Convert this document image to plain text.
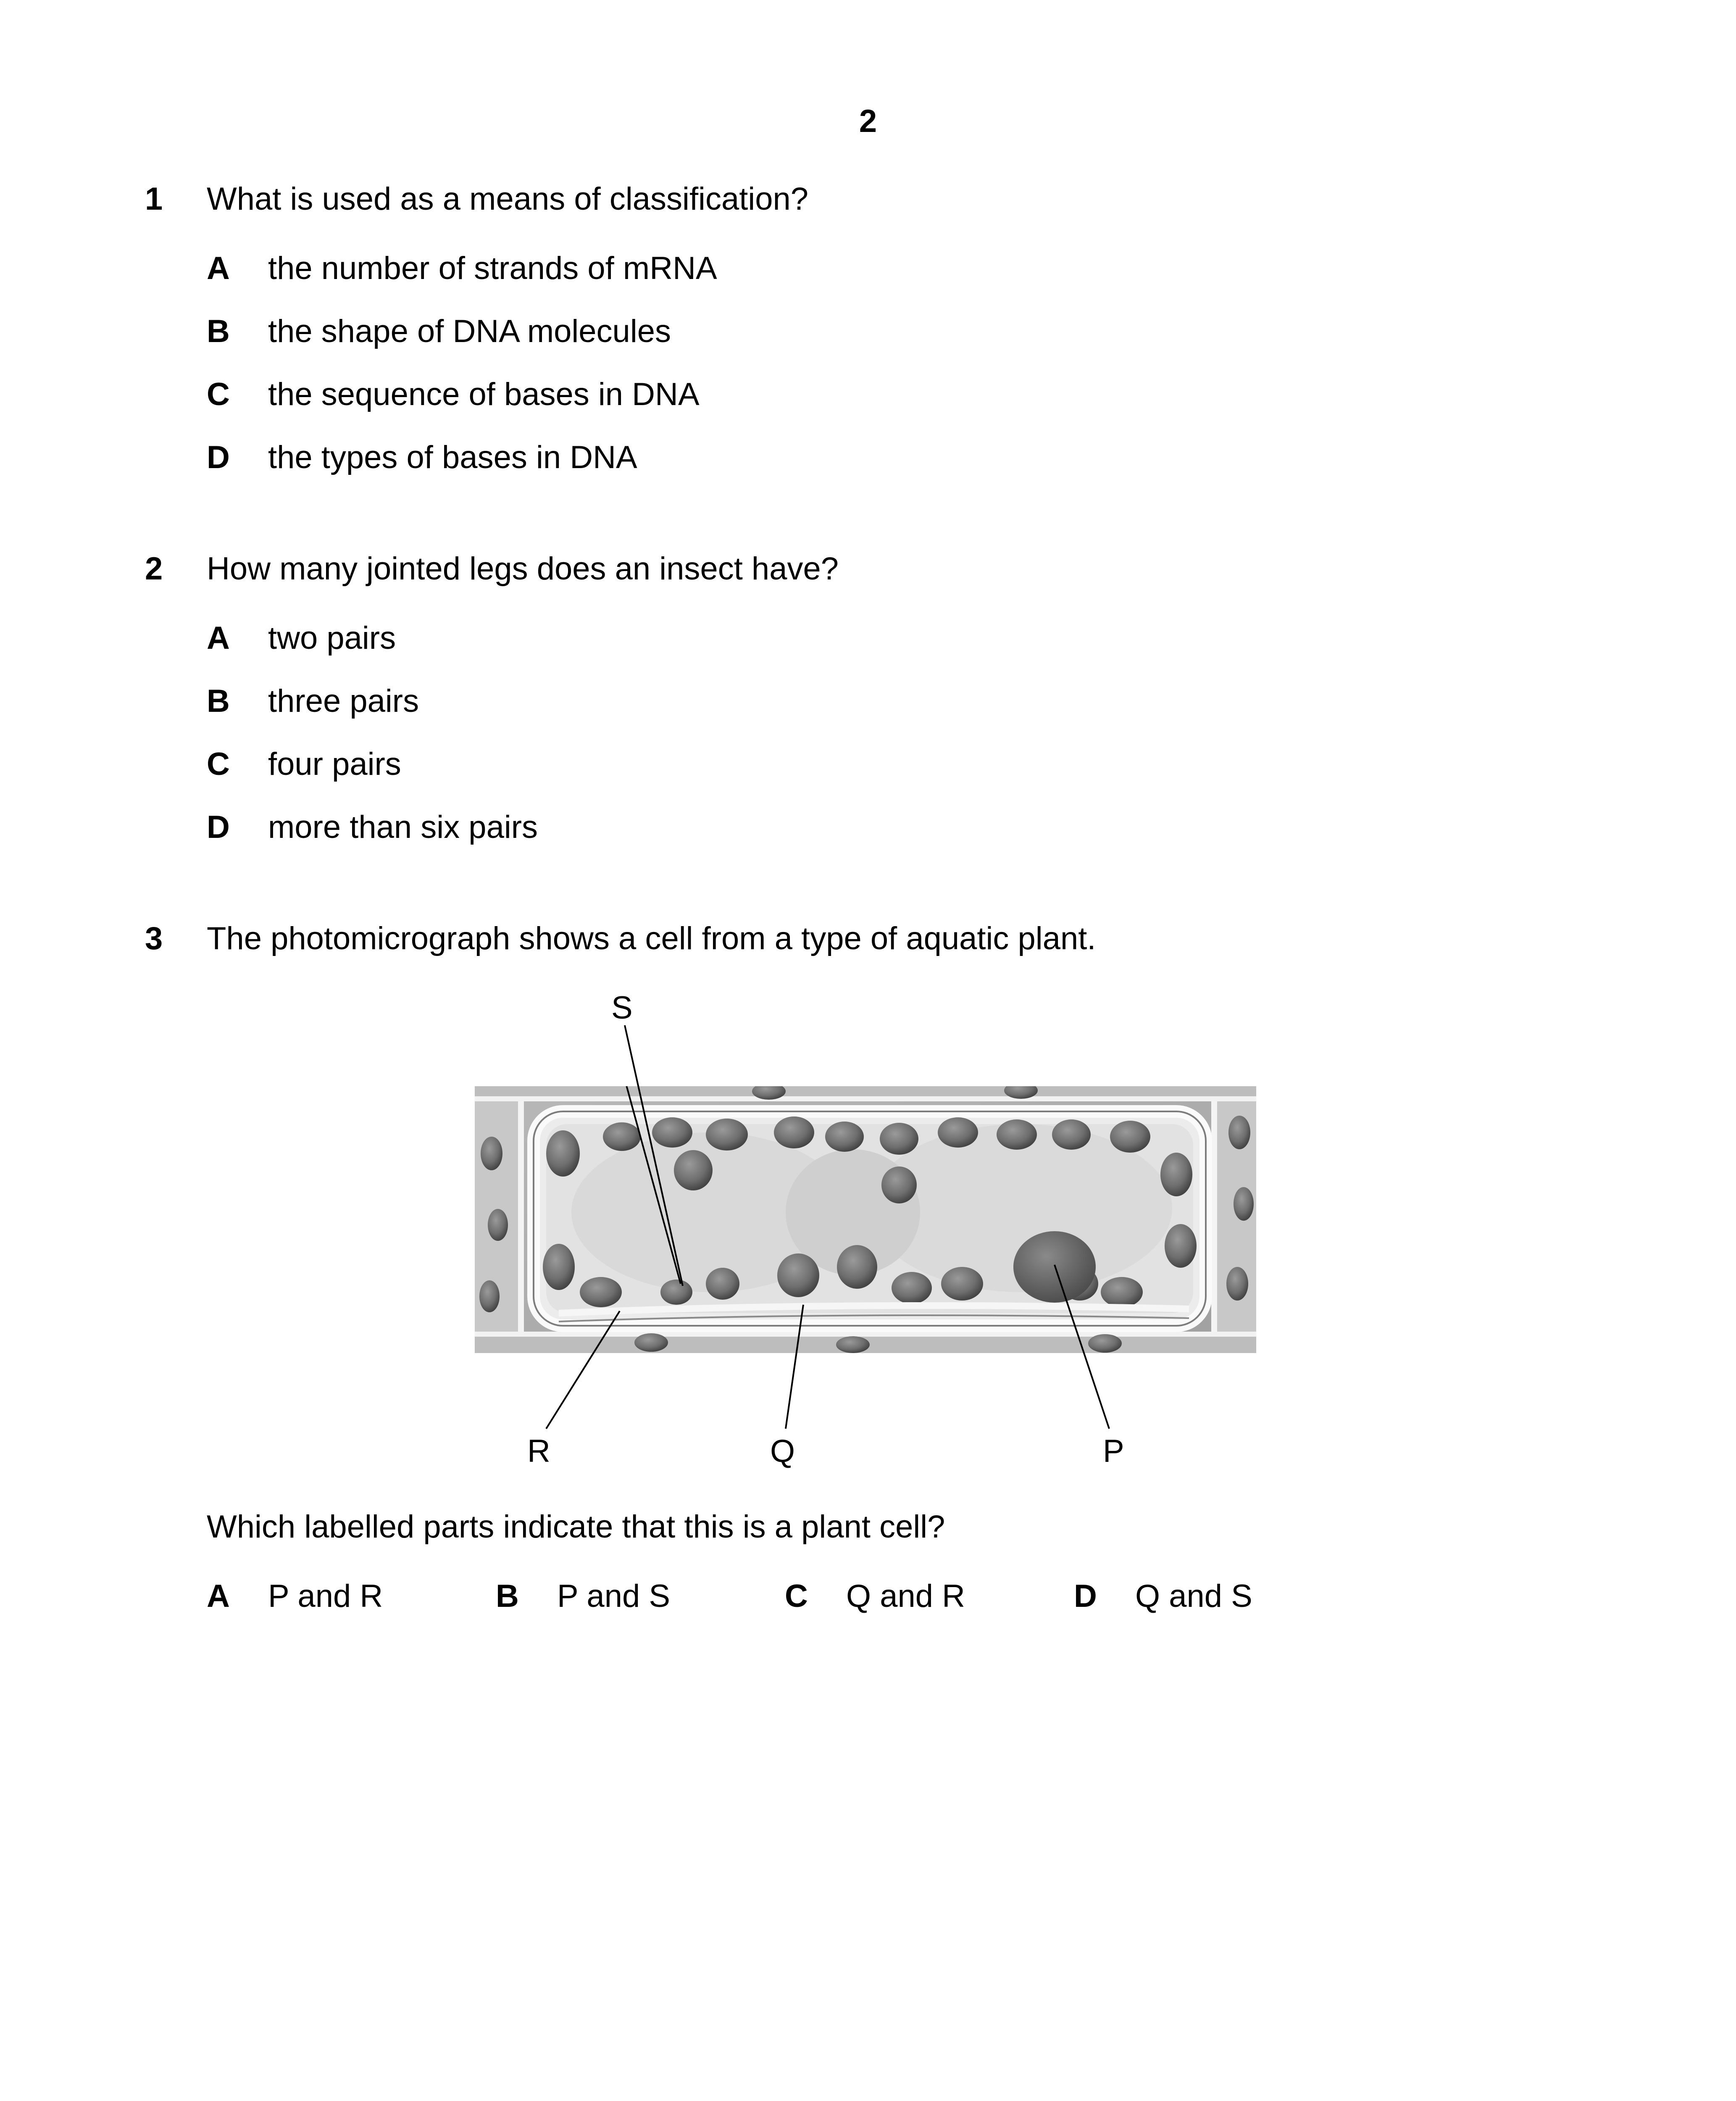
2
1 What is used as a means of classification?
A the number of strands of mRNA
B the shape of DNA molecules
C the sequence of bases in DNA
D the types of bases in DNA
2 How many jointed legs does an insect have?
A two pairs
B three pairs
C four pairs
D more than six pairs
3 The photomicrograph shows a cell from a type of aquatic plant.
S
R	Q	P
Which labelled parts indicate that this is a plant cell?
A P and R	B P and S	C Q and R	D Q and S
